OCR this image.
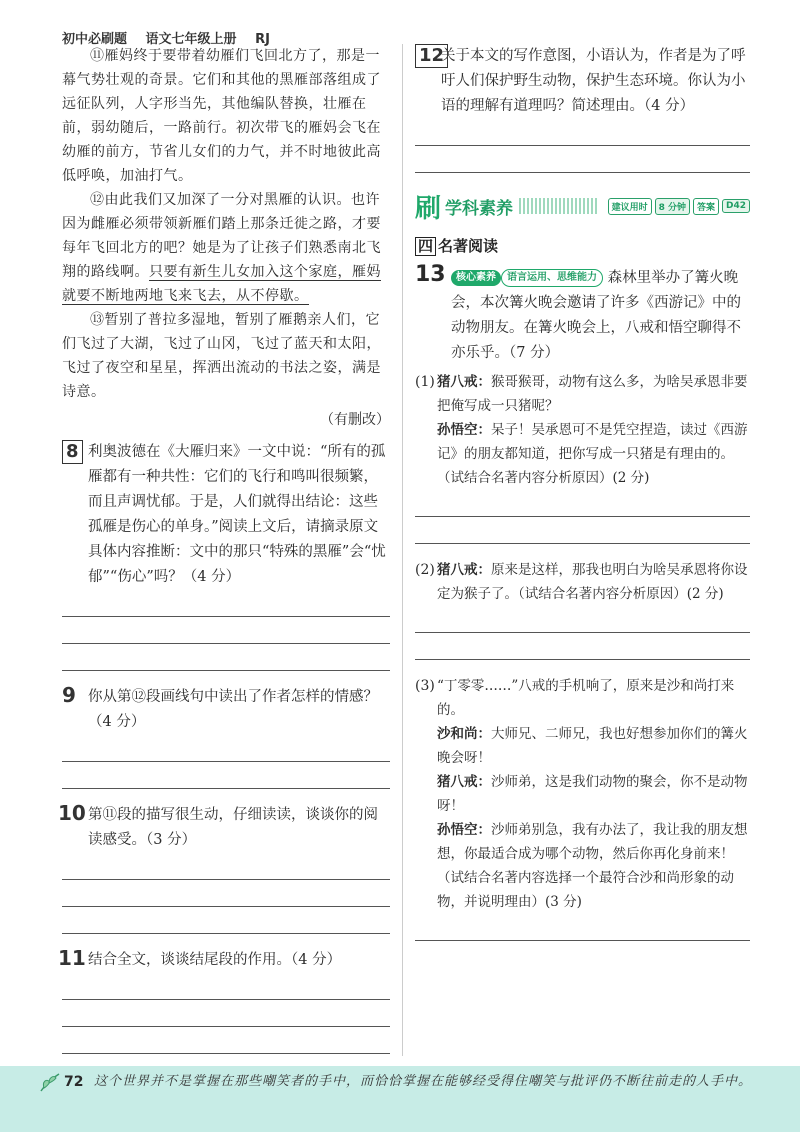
初中必刷题 语文七年级上册 RJ

⑪雁妈终于要带着幼雁们飞回北方了，那是一幕气势壮观的奇景。它们和其他的黑雁部落组成了远征队列，人字形当先，其他编队替换，壮雁在前，弱幼随后，一路前行。初次带飞的雁妈会飞在幼雁的前方，节省儿女们的力气，并不时地彼此高低呼唤，加油打气。

⑫由此我们又加深了一分对黑雁的认识。也许因为雌雁必须带领新雁们踏上那条迁徙之路，才要每年飞回北方的吧？她是为了让孩子们熟悉南北飞翔的路线啊。只要有新生儿女加入这个家庭，雁妈就要不断地两地飞来飞去，从不停歇。

⑬暂别了普拉多湿地，暂别了雁鹅亲人们，它们飞过了大湖，飞过了山冈，飞过了蓝天和太阳，飞过了夜空和星星，挥洒出流动的书法之姿，满是诗意。

（有删改）
8 利奥波德在《大雁归来》一文中说：“所有的孤雁都有一种共性：它们的飞行和鸣叫很频繁，而且声调忧郁。于是，人们就得出结论：这些孤雁是伤心的单身。”阅读上文后，请摘录原文具体内容推断：文中的那只“特殊的黑雁”会“忧郁”“伤心”吗？（4 分）
9 你从第⑫段画线句中读出了作者怎样的情感？（4 分）
10 第⑪段的描写很生动，仔细读读，谈谈你的阅读感受。（3 分）
11 结合全文，谈谈结尾段的作用。（4 分）
12
关于本文的写作意图，小语认为，作者是为了呼吁人们保护野生动物，保护生态环境。你认为小语的理解有道理吗？简述理由。（4 分）
刷 学科素养	建议用时	8 分钟	答案	D42
四 名著阅读
13 核心素养 语言运用、思维能力 森林里举办了篝火晚会，本次篝火晚会邀请了许多《西游记》中的动物朋友。在篝火晚会上，八戒和悟空聊得不亦乐乎。（7 分）
(1) 猪八戒：猴哥猴哥，动物有这么多，为啥吴承恩非要把俺写成一只猪呢？
孙悟空：呆子！吴承恩可不是凭空捏造，读过《西游记》的朋友都知道，把你写成一只猪是有理由的。（试结合名著内容分析原因）(2 分)
(2) 猪八戒：原来是这样，那我也明白为啥吴承恩将你设定为猴子了。（试结合名著内容分析原因）(2 分)
(3) “丁零零……”八戒的手机响了，原来是沙和尚打来的。
沙和尚：大师兄、二师兄，我也好想参加你们的篝火晚会呀！
猪八戒：沙师弟，这是我们动物的聚会，你不是动物呀！
孙悟空：沙师弟别急，我有办法了，我让我的朋友想想，你最适合成为哪个动物，然后你再化身前来！（试结合名著内容选择一个最符合沙和尚形象的动物，并说明理由）(3 分)
72 这个世界并不是掌握在那些嘲笑者的手中，而恰恰掌握在能够经受得住嘲笑与批评仍不断往前走的人手中。
